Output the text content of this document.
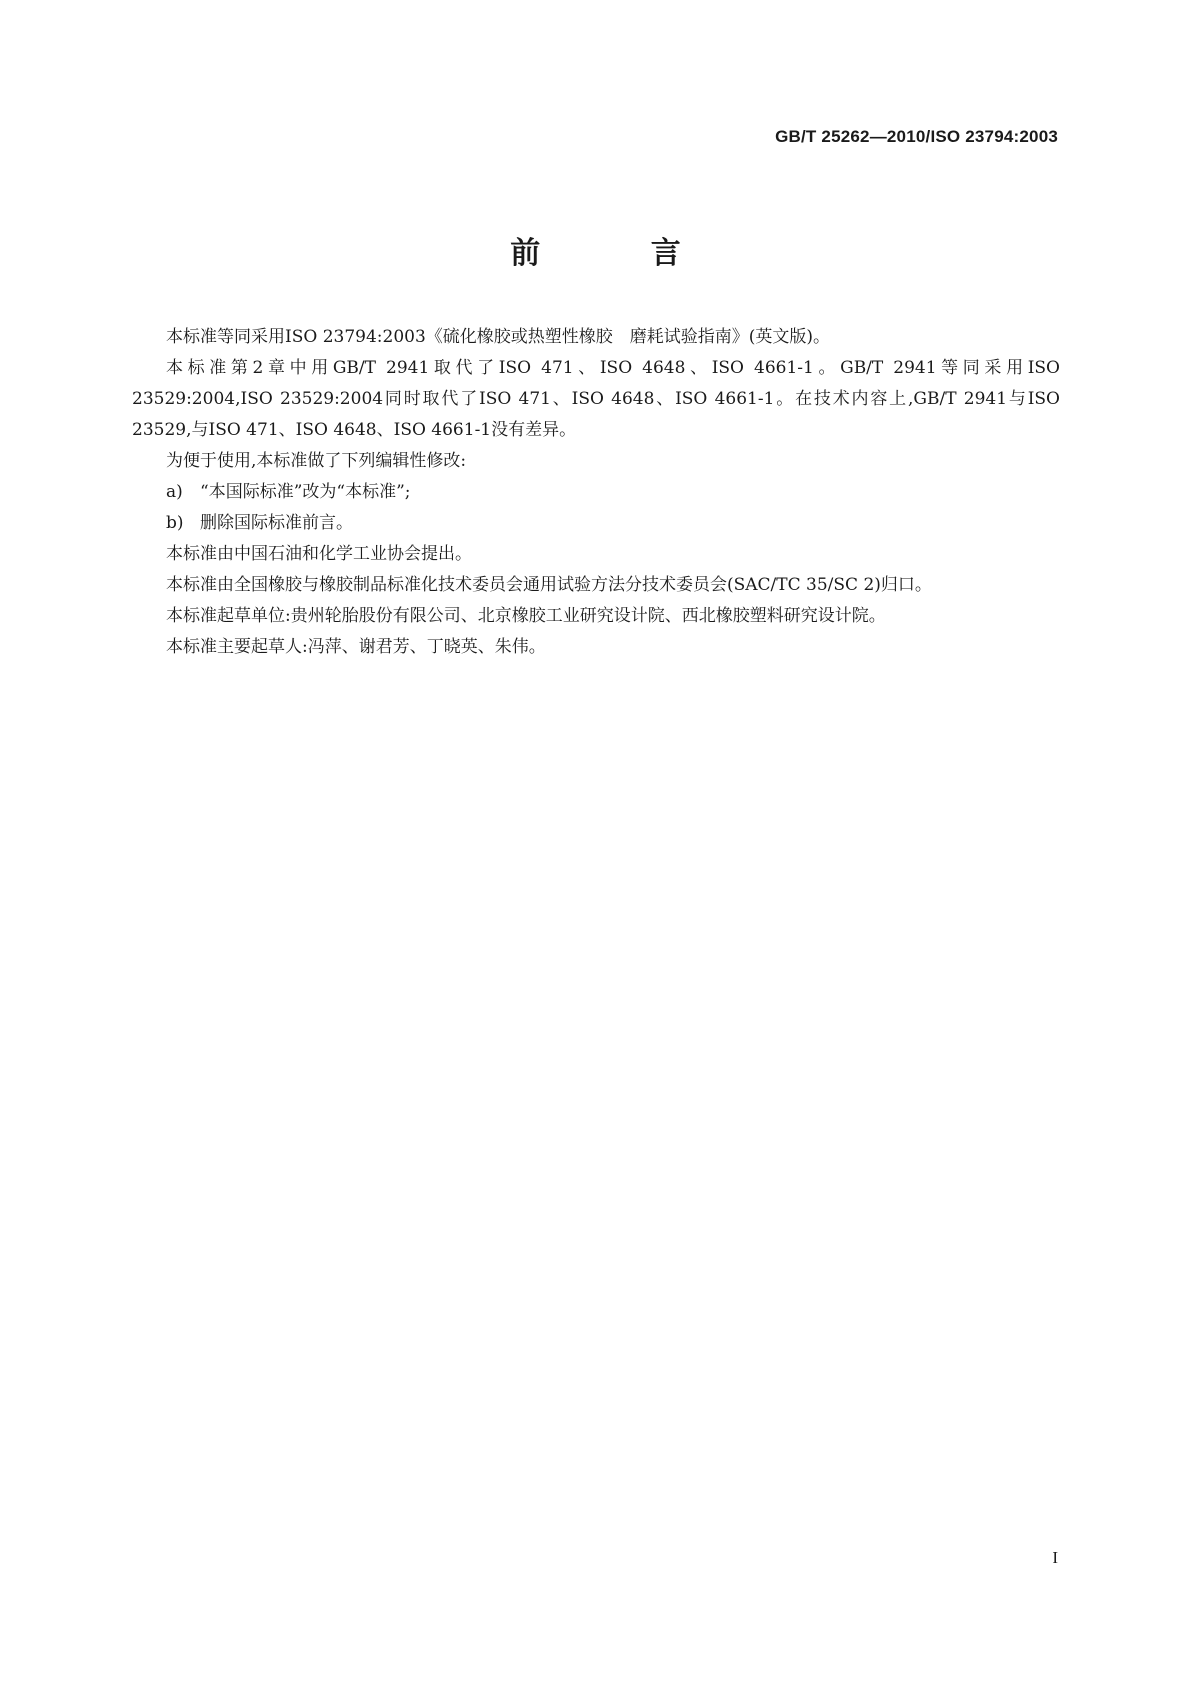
GB/T 25262—2010/ISO 23794:2003
前 言

本标准等同采用ISO 23794:2003《硫化橡胶或热塑性橡胶　磨耗试验指南》(英文版)。

本标准第2章中用GB/T 2941取代了ISO 471、ISO 4648、ISO 4661-1。GB/T 2941等同采用ISO 23529:2004,ISO 23529:2004同时取代了ISO 471、ISO 4648、ISO 4661-1。在技术内容上,GB/T 2941与ISO 23529,与ISO 471、ISO 4648、ISO 4661-1没有差异。

为便于使用,本标准做了下列编辑性修改:

a) “本国际标准”改为“本标准”;

b) 删除国际标准前言。

本标准由中国石油和化学工业协会提出。

本标准由全国橡胶与橡胶制品标准化技术委员会通用试验方法分技术委员会(SAC/TC 35/SC 2)归口。

本标准起草单位:贵州轮胎股份有限公司、北京橡胶工业研究设计院、西北橡胶塑料研究设计院。

本标准主要起草人:冯萍、谢君芳、丁晓英、朱伟。

I
